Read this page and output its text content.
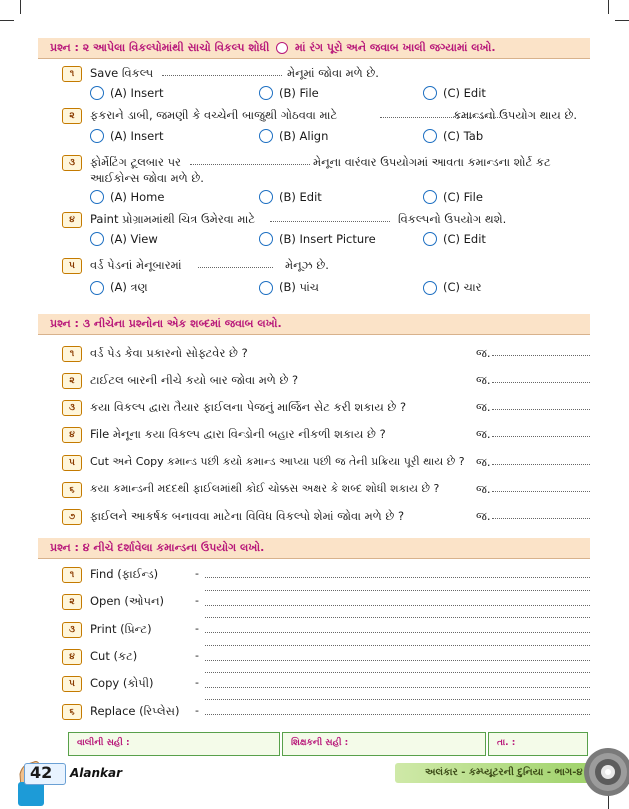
પ્રશ્ન : ૨ આપેલા વિકલ્પોમાંથી સાચો વિકલ્પ શોધી માં રંગ પૂરો અને જવાબ ખાલી જગ્યામાં લખો.
૧	Save વિકલ્પ	મેનૂમાં જોવા મળે છે.
(A) Insert	(B) File	(C) Edit
૨	ફકરાને ડાબી, જમણી કે વચ્ચેની બાજુથી ગોઠવવા માટે	કમાન્ડનો ઉપયોગ થાય છે.
(A) Insert	(B) Align	(C) Tab
૩	ફોર્મેટિંગ ટૂલબાર પર	મેનૂના વારંવાર ઉપયોગમાં આવતા કમાન્ડના શોર્ટ કટ
આઈકોન્સ જોવા મળે છે.
(A) Home	(B) Edit	(C) File
૪	Paint પ્રોગ્રામમાંથી ચિત્ર ઉમેરવા માટે	વિકલ્પનો ઉપયોગ થશે.
(A) View	(B) Insert Picture	(C) Edit
૫	વર્ડ પેડનાં મેનૂબારમાં	મેનૂઝ છે.
(A) ત્રણ	(B) પાંચ	(C) ચાર
પ્રશ્ન : ૩ નીચેના પ્રશ્નોના એક શબ્દમાં જવાબ લખો.
૧	વર્ડ પેડ કેવા પ્રકારનો સોફ્ટવેર છે ?	જ.
૨	ટાઈટલ બારની નીચે કયો બાર જોવા મળે છે ?	જ.
૩	કયા વિકલ્પ દ્વારા તૈયાર ફાઈલના પેજનું માર્જિન સેટ કરી શકાય છે ?	જ.
૪	File મેનૂના કયા વિકલ્પ દ્વારા વિન્ડોની બહાર નીકળી શકાય છે ?	જ.
૫	Cut અને Copy કમાન્ડ પછી કયો કમાન્ડ આપ્યા પછી જ તેની પ્રક્રિયા પૂરી થાય છે ? જ.
૬	કયા કમાન્ડની મદદથી ફાઈલમાંથી કોઈ ચોક્કસ અક્ષર કે શબ્દ શોધી શકાય છે ?	જ.
૭	ફાઈલને આકર્ષક બનાવવા માટેના વિવિધ વિકલ્પો શેમાં જોવા મળે છે ?	જ.
પ્રશ્ન : ૪ નીચે દર્શાવેલા કમાન્ડના ઉપયોગ લખો.
૧	Find (ફાઈન્ડ)	-
૨	Open (ઓપન)	-
૩	Print (પ્રિન્ટ)	-
૪	Cut (કટ)	-
૫	Copy (કોપી)	-
૬	Replace (રિપ્લેસ) -
વાલીની સહી :	શિક્ષકની સહી :	તા. :
42 Alankar	અલંકાર - કમ્પ્યૂટરની દુનિયા - ભાગ-૪
